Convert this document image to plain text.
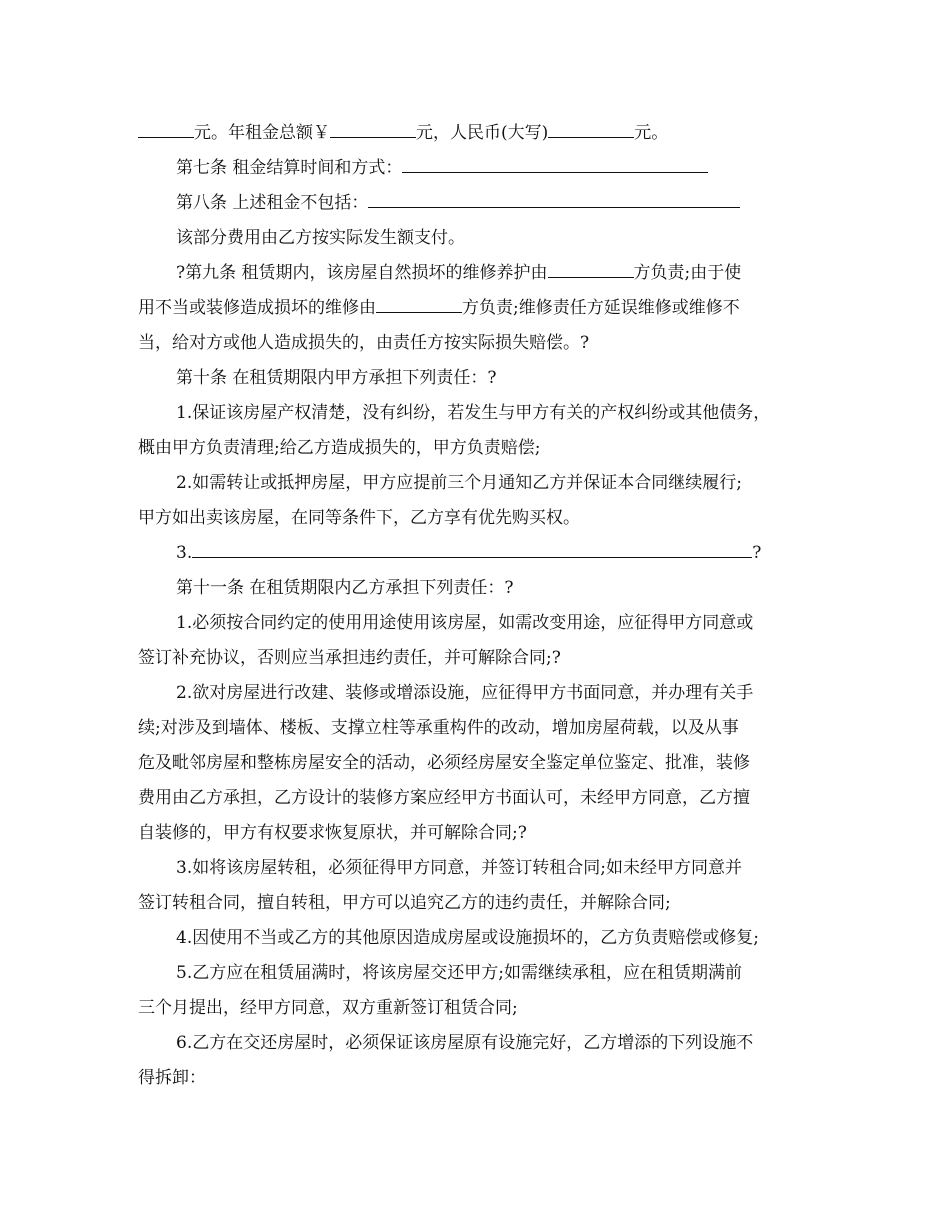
元。年租金总额￥	元，人民币(大写)	元。
第七条 租金结算时间和方式：
第八条 上述租金不包括：
该部分费用由乙方按实际发生额支付。
?第九条 租赁期内，该房屋自然损坏的维修养护由	方负责;由于使
用不当或装修造成损坏的维修由	方负责;维修责任方延误维修或维修不
当，给对方或他人造成损失的，由责任方按实际损失赔偿。?
第十条 在租赁期限内甲方承担下列责任：?
1.保证该房屋产权清楚，没有纠纷，若发生与甲方有关的产权纠纷或其他债务，
概由甲方负责清理;给乙方造成损失的，甲方负责赔偿;
2.如需转让或抵押房屋，甲方应提前三个月通知乙方并保证本合同继续履行;
甲方如出卖该房屋，在同等条件下，乙方享有优先购买权。
3.	?
第十一条 在租赁期限内乙方承担下列责任：?
1.必须按合同约定的使用用途使用该房屋，如需改变用途，应征得甲方同意或
签订补充协议，否则应当承担违约责任，并可解除合同;?
2.欲对房屋进行改建、装修或增添设施，应征得甲方书面同意，并办理有关手
续;对涉及到墙体、楼板、支撑立柱等承重构件的改动，增加房屋荷载，以及从事
危及毗邻房屋和整栋房屋安全的活动，必须经房屋安全鉴定单位鉴定、批准，装修
费用由乙方承担，乙方设计的装修方案应经甲方书面认可，未经甲方同意，乙方擅
自装修的，甲方有权要求恢复原状，并可解除合同;?
3.如将该房屋转租，必须征得甲方同意，并签订转租合同;如未经甲方同意并
签订转租合同，擅自转租，甲方可以追究乙方的违约责任，并解除合同;
4.因使用不当或乙方的其他原因造成房屋或设施损坏的，乙方负责赔偿或修复;
5.乙方应在租赁届满时，将该房屋交还甲方;如需继续承租，应在租赁期满前
三个月提出，经甲方同意，双方重新签订租赁合同;
6.乙方在交还房屋时，必须保证该房屋原有设施完好，乙方增添的下列设施不
得拆卸：
